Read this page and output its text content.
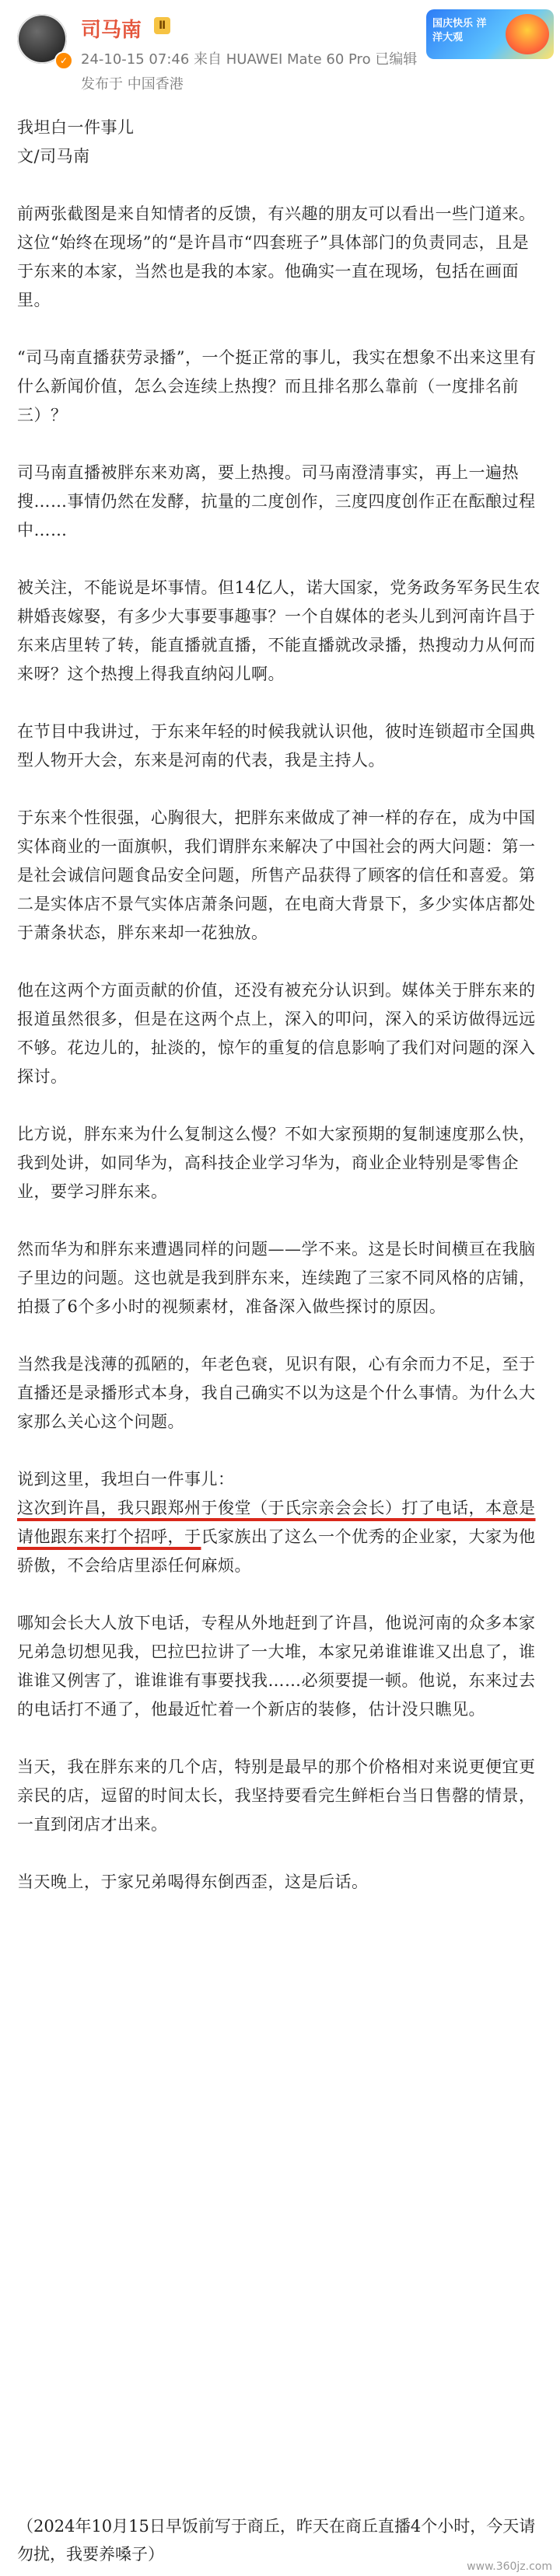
✓
司马南	Ⅱ
24-10-15 07:46 来自 HUAWEI Mate 60 Pro 已编辑
发布于 中国香港
国庆快乐 洋洋大观

我坦白一件事儿

文/司马南

前两张截图是来自知情者的反馈，有兴趣的朋友可以看出一些门道来。这位“始终在现场”的“是许昌市“四套班子”具体部门的负责同志，且是于东来的本家，当然也是我的本家。他确实一直在现场，包括在画面里。

“司马南直播获劳录播”，一个挺正常的事儿，我实在想象不出来这里有什么新闻价值，怎么会连续上热搜？而且排名那么靠前（一度排名前三）？

司马南直播被胖东来劝离，要上热搜。司马南澄清事实，再上一遍热搜……事情仍然在发酵，抗量的二度创作，三度四度创作正在酝酿过程中……

被关注，不能说是坏事情。但14亿人，诺大国家，党务政务军务民生农耕婚丧嫁娶，有多少大事要事趣事？一个自媒体的老头儿到河南许昌于东来店里转了转，能直播就直播，不能直播就改录播，热搜动力从何而来呀？这个热搜上得我直纳闷儿啊。

在节目中我讲过，于东来年轻的时候我就认识他，彼时连锁超市全国典型人物开大会，东来是河南的代表，我是主持人。

于东来个性很强，心胸很大，把胖东来做成了神一样的存在，成为中国实体商业的一面旗帜，我们谓胖东来解决了中国社会的两大问题：第一是社会诚信问题食品安全问题，所售产品获得了顾客的信任和喜爱。第二是实体店不景气实体店萧条问题，在电商大背景下，多少实体店都处于萧条状态，胖东来却一花独放。

他在这两个方面贡献的价值，还没有被充分认识到。媒体关于胖东来的报道虽然很多，但是在这两个点上，深入的叩问，深入的采访做得远远不够。花边儿的，扯淡的，惊乍的重复的信息影响了我们对问题的深入探讨。

比方说，胖东来为什么复制这么慢？不如大家预期的复制速度那么快，我到处讲，如同华为，高科技企业学习华为，商业企业特别是零售企业，要学习胖东来。

然而华为和胖东来遭遇同样的问题——学不来。这是长时间横亘在我脑子里边的问题。这也就是我到胖东来，连续跑了三家不同风格的店铺，拍摄了6个多小时的视频素材，准备深入做些探讨的原因。

当然我是浅薄的孤陋的，年老色衰，见识有限，心有余而力不足，至于直播还是录播形式本身，我自己确实不以为这是个什么事情。为什么大家那么关心这个问题。

说到这里，我坦白一件事儿：
这次到许昌，我只跟郑州于俊堂（于氏宗亲会会长）打了电话，本意是请他跟东来打个招呼，于氏家族出了这么一个优秀的企业家，大家为他骄傲，不会给店里添任何麻烦。

哪知会长大人放下电话，专程从外地赶到了许昌，他说河南的众多本家兄弟急切想见我，巴拉巴拉讲了一大堆，本家兄弟谁谁谁又出息了，谁谁谁又例害了，谁谁谁有事要找我……必须要提一顿。他说，东来过去的电话打不通了，他最近忙着一个新店的装修，估计没只瞧见。

当天，我在胖东来的几个店，特别是最早的那个价格相对来说更便宜更亲民的店，逗留的时间太长，我坚持要看完生鲜柜台当日售罄的情景，一直到闭店才出来。

当天晚上，于家兄弟喝得东倒西歪，这是后话。

（2024年10月15日早饭前写于商丘，昨天在商丘直播4个小时，今天请勿扰，我要养嗓子）
www.360jz.com
